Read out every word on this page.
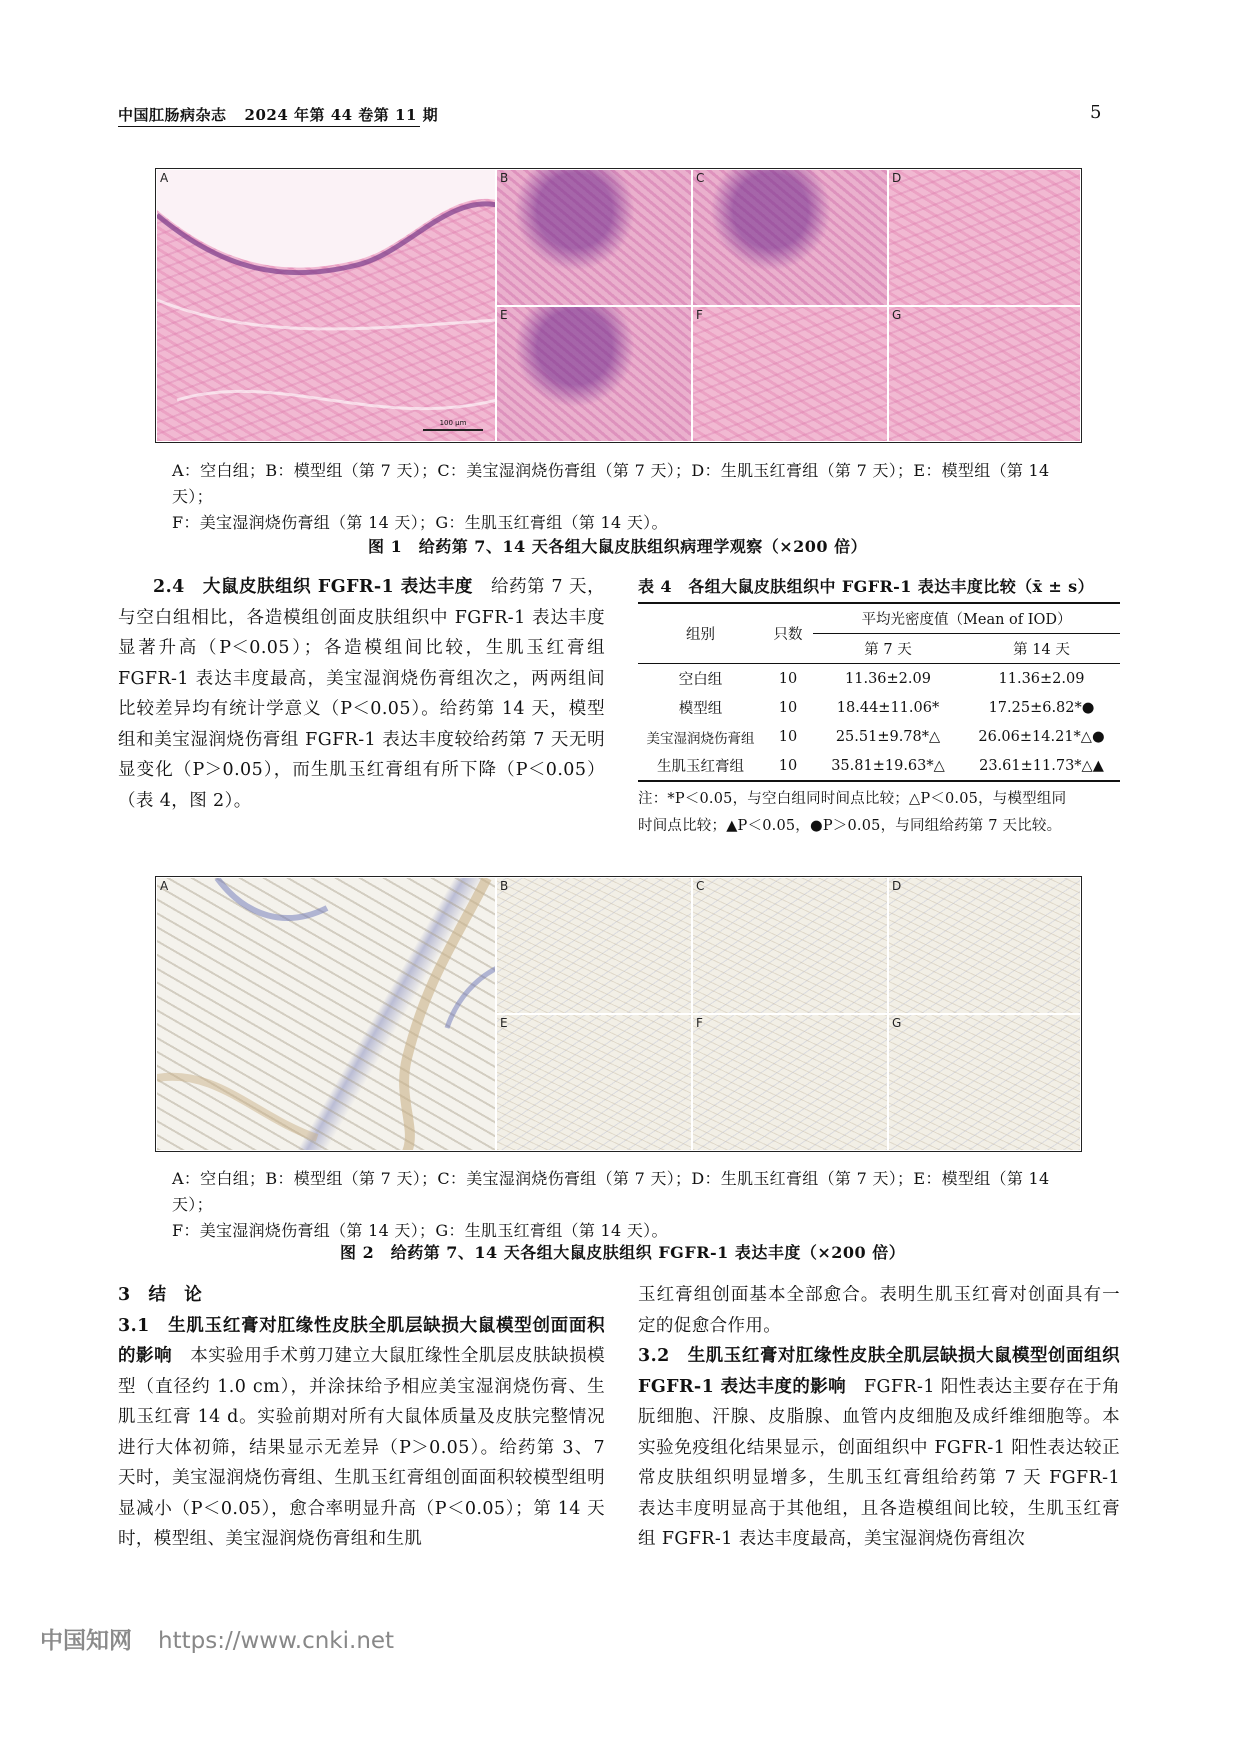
中国肛肠病杂志 2024 年第 44 卷第 11 期	5
A
100 μm
B	C	D
E	F	G
A：空白组；B：模型组（第 7 天）；C：美宝湿润烧伤膏组（第 7 天）；D：生肌玉红膏组（第 7 天）；E：模型组（第 14 天）；
F：美宝湿润烧伤膏组（第 14 天）；G：生肌玉红膏组（第 14 天）。
图 1　给药第 7、14 天各组大鼠皮肤组织病理学观察（×200 倍）

2.4　大鼠皮肤组织 FGFR-1 表达丰度　 给药第 7 天，与空白组相比，各造模组创面皮肤组织中 FGFR-1 表达丰度显著升高（P＜0.05）；各造模组间比较，生肌玉红膏组 FGFR-1 表达丰度最高，美宝湿润烧伤膏组次之，两两组间比较差异均有统计学意义（P＜0.05）。给药第 14 天，模型组和美宝湿润烧伤膏组 FGFR-1 表达丰度较给药第 7 天无明显变化（P＞0.05），而生肌玉红膏组有所下降（P＜0.05）（表 4，图 2）。

表 4　各组大鼠皮肤组织中 FGFR-1 表达丰度比较（x̄ ± s）
组别	只数	平均光密度值（Mean of IOD）	
		第 7 天	第 14 天
空白组	10	11.36±2.09	11.36±2.09
模型组	10	18.44±11.06*	17.25±6.82*●
美宝湿润烧伤膏组	10	25.51±9.78*△	26.06±14.21*△●
生肌玉红膏组	10	35.81±19.63*△	23.61±11.73*△▲
注：*P＜0.05，与空白组同时间点比较；△P＜0.05，与模型组同
时间点比较；▲P＜0.05，●P＞0.05，与同组给药第 7 天比较。
A	B	C	D
E	F	G
A：空白组；B：模型组（第 7 天）；C：美宝湿润烧伤膏组（第 7 天）；D：生肌玉红膏组（第 7 天）；E：模型组（第 14 天）；
F：美宝湿润烧伤膏组（第 14 天）；G：生肌玉红膏组（第 14 天）。
图 2　给药第 7、14 天各组大鼠皮肤组织 FGFR-1 表达丰度（×200 倍）

3　结　论

3.1　生肌玉红膏对肛缘性皮肤全肌层缺损大鼠模型创面面积的影响　 本实验用手术剪刀建立大鼠肛缘性全肌层皮肤缺损模型（直径约 1.0 cm），并涂抹给予相应美宝湿润烧伤膏、生肌玉红膏 14 d。实验前期对所有大鼠体质量及皮肤完整情况进行大体初筛，结果显示无差异（P＞0.05）。给药第 3、7 天时，美宝湿润烧伤膏组、生肌玉红膏组创面面积较模型组明显减小（P＜0.05），愈合率明显升高（P＜0.05）；第 14 天时，模型组、美宝湿润烧伤膏组和生肌

玉红膏组创面基本全部愈合。表明生肌玉红膏对创面具有一定的促愈合作用。

3.2　生肌玉红膏对肛缘性皮肤全肌层缺损大鼠模型创面组织 FGFR-1 表达丰度的影响　 FGFR-1 阳性表达主要存在于角朊细胞、汗腺、皮脂腺、血管内皮细胞及成纤维细胞等。本实验免疫组化结果显示，创面组织中 FGFR-1 阳性表达较正常皮肤组织明显增多，生肌玉红膏组给药第 7 天 FGFR-1 表达丰度明显高于其他组，且各造模组间比较，生肌玉红膏组 FGFR-1 表达丰度最高，美宝湿润烧伤膏组次

中国知网 https://www.cnki.net
